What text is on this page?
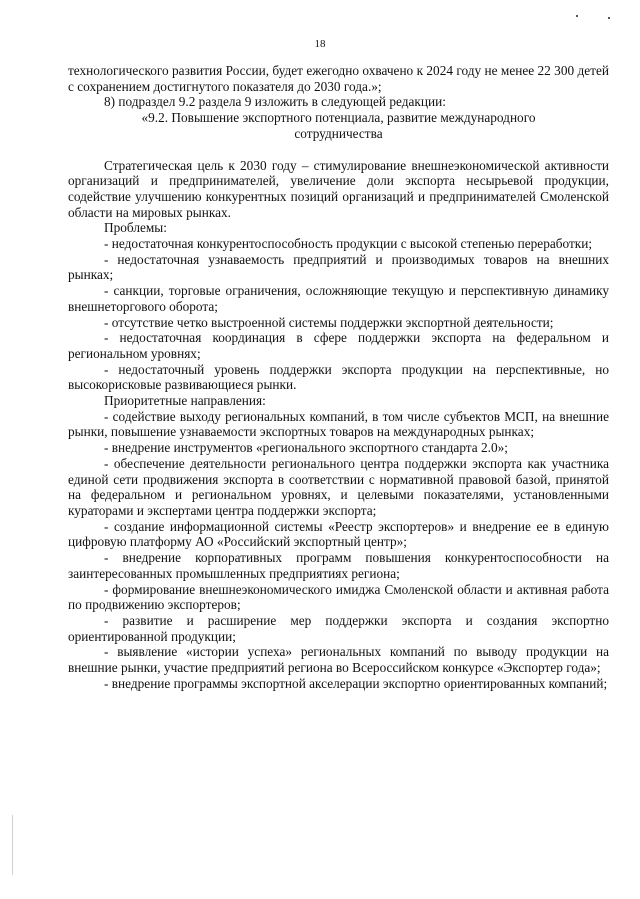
18

технологического развития России, будет ежегодно охвачено к 2024 году не менее 22 300 детей с сохранением достигнутого показателя до 2030 года.»;

8) подраздел 9.2 раздела 9 изложить в следующей редакции:

«9.2. Повышение экспортного потенциала, развитие международного сотрудничества

Стратегическая цель к 2030 году – стимулирование внешнеэкономической активности организаций и предпринимателей, увеличение доли экспорта несырьевой продукции, содействие улучшению конкурентных позиций организаций и предпринимателей Смоленской области на мировых рынках.

Проблемы:

- недостаточная конкурентоспособность продукции с высокой степенью переработки;

- недостаточная узнаваемость предприятий и производимых товаров на внешних рынках;

- санкции, торговые ограничения, осложняющие текущую и перспективную динамику внешнеторгового оборота;

- отсутствие четко выстроенной системы поддержки экспортной деятельности;

- недостаточная координация в сфере поддержки экспорта на федеральном и региональном уровнях;

- недостаточный уровень поддержки экспорта продукции на перспективные, но высокорисковые развивающиеся рынки.

Приоритетные направления:

- содействие выходу региональных компаний, в том числе субъектов МСП, на внешние рынки, повышение узнаваемости экспортных товаров на международных рынках;

- внедрение инструментов «регионального экспортного стандарта 2.0»;

- обеспечение деятельности регионального центра поддержки экспорта как участника единой сети продвижения экспорта в соответствии с нормативной правовой базой, принятой на федеральном и региональном уровнях, и целевыми показателями, установленными кураторами и экспертами центра поддержки экспорта;

- создание информационной системы «Реестр экспортеров» и внедрение ее в единую цифровую платформу АО «Российский экспортный центр»;

- внедрение корпоративных программ повышения конкурентоспособности на заинтересованных промышленных предприятиях региона;

- формирование внешнеэкономического имиджа Смоленской области и активная работа по продвижению экспортеров;

- развитие и расширение мер поддержки экспорта и создания экспортно ориентированной продукции;

- выявление «истории успеха» региональных компаний по выводу продукции на внешние рынки, участие предприятий региона во Всероссийском конкурсе «Экспортер года»;

- внедрение программы экспортной акселерации экспортно ориентированных компаний;
